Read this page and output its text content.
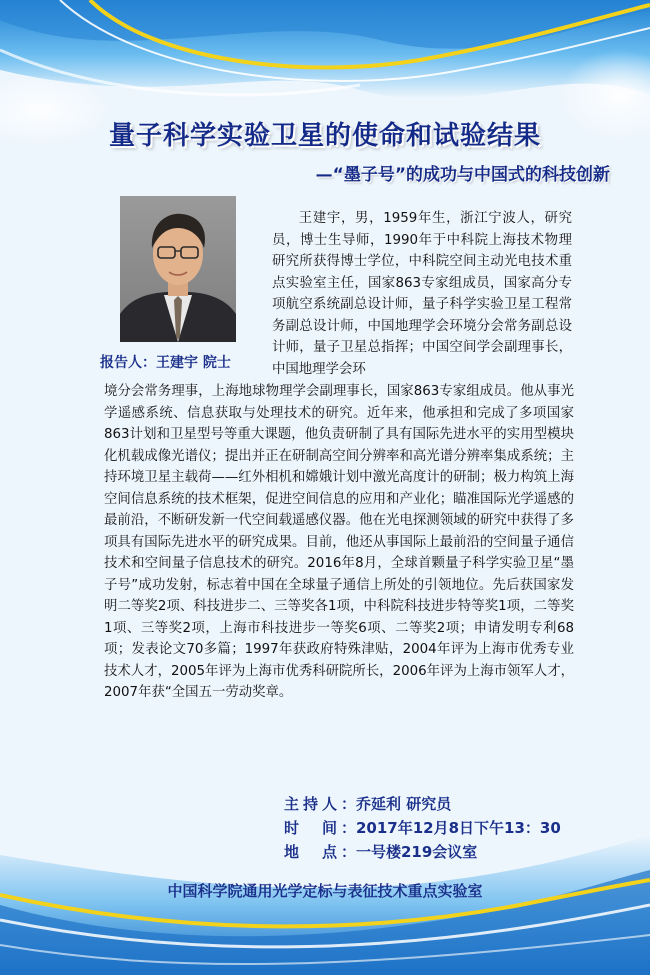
量子科学实验卫星的使命和试验结果
—“墨子号”的成功与中国式的科技创新
报告人：王建宇 院士
王建宇，男，1959年生，浙江宁波人，研究员，博士生导师，1990年于中科院上海技术物理研究所获得博士学位，中科院空间主动光电技术重点实验室主任，国家863专家组成员，国家高分专项航空系统副总设计师，量子科学实验卫星工程常务副总设计师，中国地理学会环境分会常务副总设计师，量子卫星总指挥；中国空间学会副理事长，中国地理学会环
境分会常务理事，上海地球物理学会副理事长，国家863专家组成员。他从事光学遥感系统、信息获取与处理技术的研究。近年来，他承担和完成了多项国家863计划和卫星型号等重大课题，他负责研制了具有国际先进水平的实用型模块化机载成像光谱仪；提出并正在研制高空间分辨率和高光谱分辨率集成系统；主持环境卫星主载荷——红外相机和嫦娥计划中激光高度计的研制；极力构筑上海空间信息系统的技术框架，促进空间信息的应用和产业化；瞄准国际光学遥感的最前沿，不断研发新一代空间载遥感仪器。他在光电探测领域的研究中获得了多项具有国际先进水平的研究成果。目前，他还从事国际上最前沿的空间量子通信技术和空间量子信息技术的研究。2016年8月，全球首颗量子科学实验卫星“墨子号”成功发射，标志着中国在全球量子通信上所处的引领地位。先后获国家发明二等奖2项、科技进步二、三等奖各1项，中科院科技进步特等奖1项，二等奖1项、三等奖2项，上海市科技进步一等奖6项、二等奖2项；申请发明专利68项；发表论文70多篇；1997年获政府特殊津贴，2004年评为上海市优秀专业技术人才，2005年评为上海市优秀科研院所长，2006年评为上海市领军人才，2007年获“全国五一劳动奖章。
主持人：乔延利 研究员
时　间：2017年12月8日下午13：30
地　点：一号楼219会议室
中国科学院通用光学定标与表征技术重点实验室
